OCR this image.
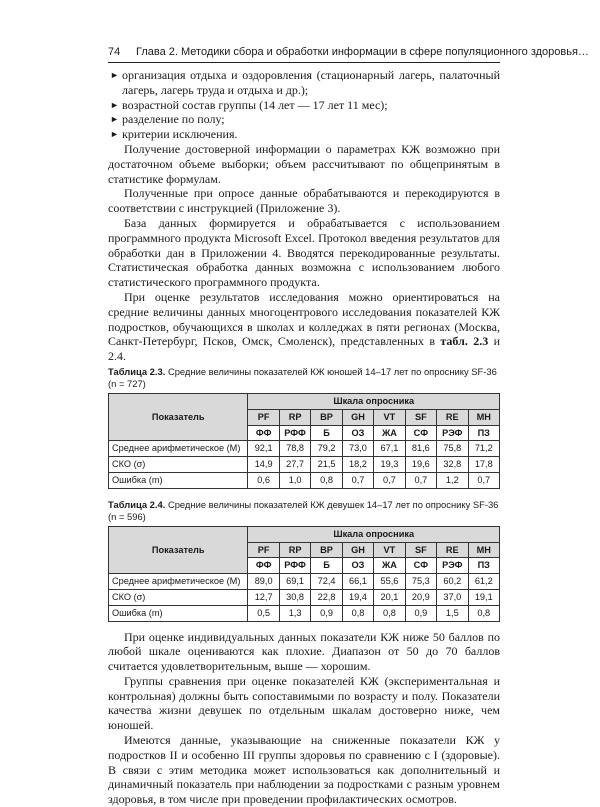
74 Глава 2. Методики сбора и обработки информации в сфере популяционного здоровья…
► организация отдыха и оздоровления (стационарный лагерь, палаточный лагерь, лагерь труда и отдыха и др.);
► возрастной состав группы (14 лет — 17 лет 11 мес);
► разделение по полу;
► критерии исключения.

Получение достоверной информации о параметрах КЖ возможно при достаточном объеме выборки; объем рассчитывают по общепринятым в статистике формулам.

Полученные при опросе данные обрабатываются и перекодируются в соответствии с инструкцией (Приложение 3).

База данных формируется и обрабатывается с использованием программного продукта Microsoft Excel. Протокол введения результатов для обработки дан в Приложении 4. Вводятся перекодированные результаты. Статистическая обработка данных возможна с использованием любого статистического программного продукта.

При оценке результатов исследования можно ориентироваться на средние величины данных многоцентрового исследования показателей КЖ подростков, обучающихся в школах и колледжах в пяти регионах (Москва, Санкт-Петербург, Псков, Омск, Смоленск), представленных в табл. 2.3 и 2.4.

Таблица 2.3. Средние величины показателей КЖ юношей 14–17 лет по опроснику SF-36 (n = 727)
Показатель	Шкала опросника							
	PF	RP	BP	GH	VT	SF	RE	MH
	ФФ	РФФ	Б	ОЗ	ЖА	СФ	РЭФ	ПЗ
Среднее арифметическое (M)	92,1	78,8	79,2	73,0	67,1	81,6	75,8	71,2
СКО (σ)	14,9	27,7	21,5	18,2	19,3	19,6	32,8	17,8
Ошибка (m)	0,6	1,0	0,8	0,7	0,7	0,7	1,2	0,7
Таблица 2.4. Средние величины показателей КЖ девушек 14–17 лет по опроснику SF-36 (n = 596)
Показатель	Шкала опросника							
	PF	RP	BP	GH	VT	SF	RE	MH
	ФФ	РФФ	Б	ОЗ	ЖА	СФ	РЭФ	ПЗ
Среднее арифметическое (M)	89,0	69,1	72,4	66,1	55,6	75,3	60,2	61,2
СКО (σ)	12,7	30,8	22,8	19,4	20,1	20,9	37,0	19,1
Ошибка (m)	0,5	1,3	0,9	0,8	0,8	0,9	1,5	0,8

При оценке индивидуальных данных показатели КЖ ниже 50 баллов по любой шкале оцениваются как плохие. Диапазон от 50 до 70 баллов считается удовлетворительным, выше — хорошим.

Группы сравнения при оценке показателей КЖ (экспериментальная и контрольная) должны быть сопоставимыми по возрасту и полу. Показатели качества жизни девушек по отдельным шкалам достоверно ниже, чем юношей.

Имеются данные, указывающие на сниженные показатели КЖ у подростков II и особенно III группы здоровья по сравнению с I (здоровые). В связи с этим методика может использоваться как дополнительный и динамичный показатель при наблюдении за подростками с разным уровнем здоровья, в том числе при проведении профилактических осмотров.
